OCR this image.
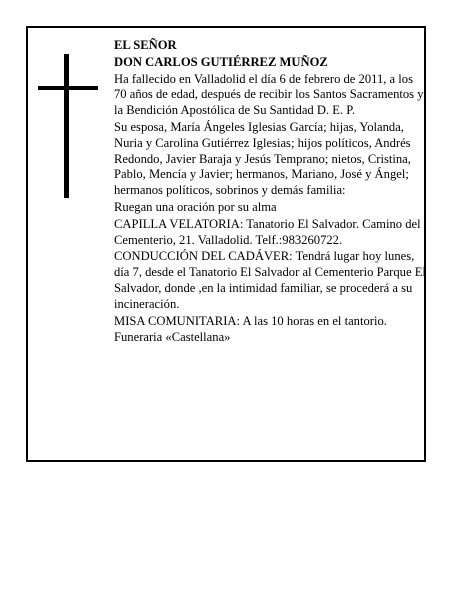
EL SEÑOR

DON CARLOS GUTIÉRREZ MUÑOZ

Ha fallecido en Valladolid el día 6 de febrero de 2011, a los 70 años de edad, después de recibir los Santos Sacramentos y la Bendición Apostólica de Su Santidad D. E. P.

Su esposa, María Ángeles Iglesias García; hijas, Yolanda, Nuria y Carolina Gutiérrez Iglesias; hijos políticos, Andrés Redondo, Javier Baraja y Jesús Temprano; nietos, Cristina, Pablo, Mencía y Javier; hermanos, Mariano, José y Ángel; hermanos políticos, sobrinos y demás familia:

Ruegan una oración por su alma

CAPILLA VELATORIA: Tanatorio El Salvador. Camino del Cementerio, 21. Valladolid. Telf.:983260722.

CONDUCCIÓN DEL CADÁVER: Tendrá lugar hoy lunes, día 7, desde el Tanatorio El Salvador al Cementerio Parque El Salvador, donde ,en la intimidad familiar, se procederá a su incineración.

MISA COMUNITARIA: A las 10 horas en el tantorio.

Funeraria «Castellana»
